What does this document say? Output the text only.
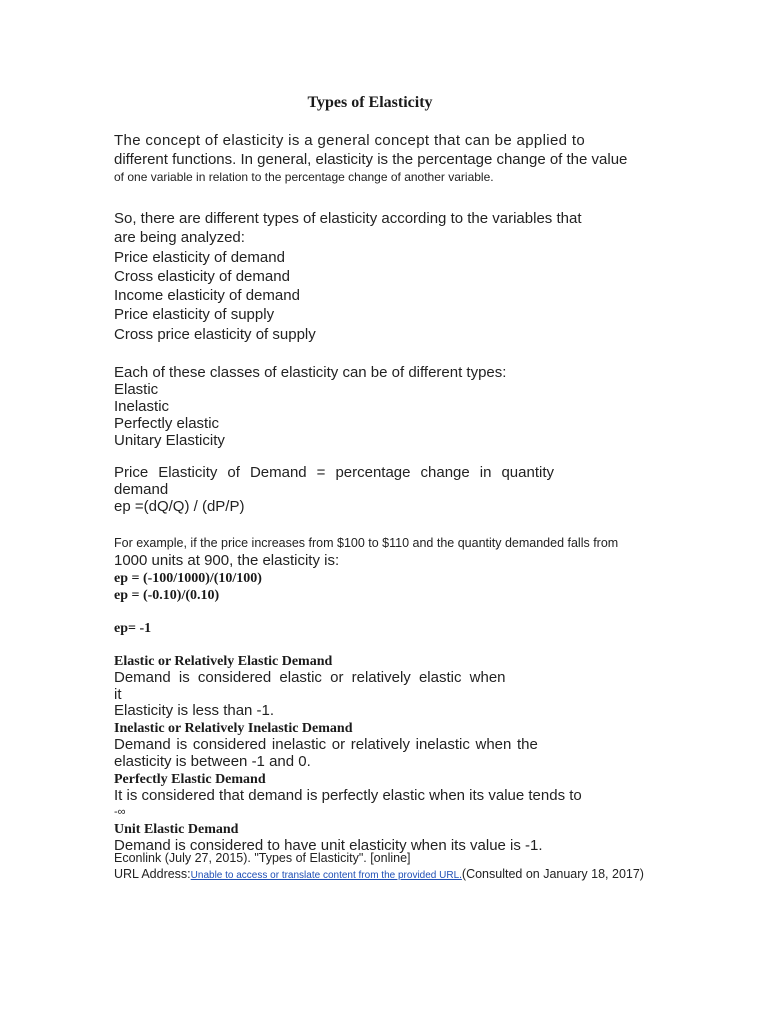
Types of Elasticity
The concept of elasticity is a general concept that can be applied to
different functions. In general, elasticity is the percentage change of the value
of one variable in relation to the percentage change of another variable.
So, there are different types of elasticity according to the variables that
are being analyzed:
Price elasticity of demand
Cross elasticity of demand
Income elasticity of demand
Price elasticity of supply
Cross price elasticity of supply
Each of these classes of elasticity can be of different types:
Elastic
Inelastic
Perfectly elastic
Unitary Elasticity
Price Elasticity of Demand = percentage change in quantity
demand
ep =(dQ/Q) / (dP/P)
For example, if the price increases from $100 to $110 and the quantity demanded falls from
1000 units at 900, the elasticity is:
ep = (-100/1000)/(10/100)
ep = (-0.10)/(0.10)
ep= -1
Elastic or Relatively Elastic Demand
Demand is considered elastic or relatively elastic when it
Elasticity is less than -1.
Inelastic or Relatively Inelastic Demand
Demand is considered inelastic or relatively inelastic when the
elasticity is between -1 and 0.
Perfectly Elastic Demand
It is considered that demand is perfectly elastic when its value tends to
-∞
Unit Elastic Demand
Demand is considered to have unit elasticity when its value is -1.
Econlink (July 27, 2015). "Types of Elasticity". [online]
URL Address:Unable to access or translate content from the provided URL.(Consulted on January 18, 2017)
